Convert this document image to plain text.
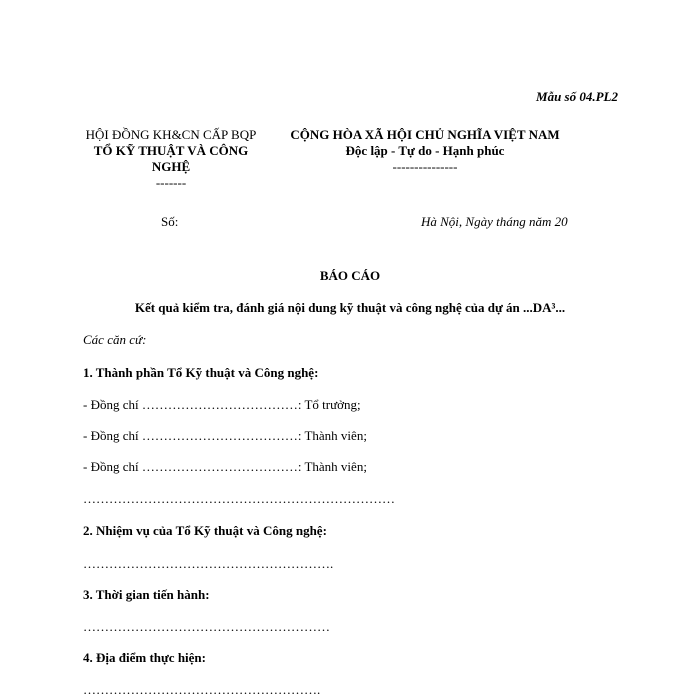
Mẫu số 04.PL2
HỘI ĐỒNG KH&CN CẤP BQP
TỔ KỸ THUẬT VÀ CÔNG NGHỆ
-------
CỘNG HÒA XÃ HỘI CHỦ NGHĨA VIỆT NAM
Độc lập - Tự do - Hạnh phúc
---------------
Số:	Hà Nội, Ngày tháng năm 20
BÁO CÁO
Kết quả kiểm tra, đánh giá nội dung kỹ thuật và công nghệ của dự án ...DA³...
Các căn cứ:
1. Thành phần Tổ Kỹ thuật và Công nghệ:
- Đồng chí ………………………………: Tổ trưởng;
- Đồng chí ………………………………: Thành viên;
- Đồng chí ………………………………: Thành viên;
………………………………………………………………
2. Nhiệm vụ của Tổ Kỹ thuật và Công nghệ:
………………………………………………….
3. Thời gian tiến hành:
…………………………………………………
4. Địa điểm thực hiện:
……………………………………………….
